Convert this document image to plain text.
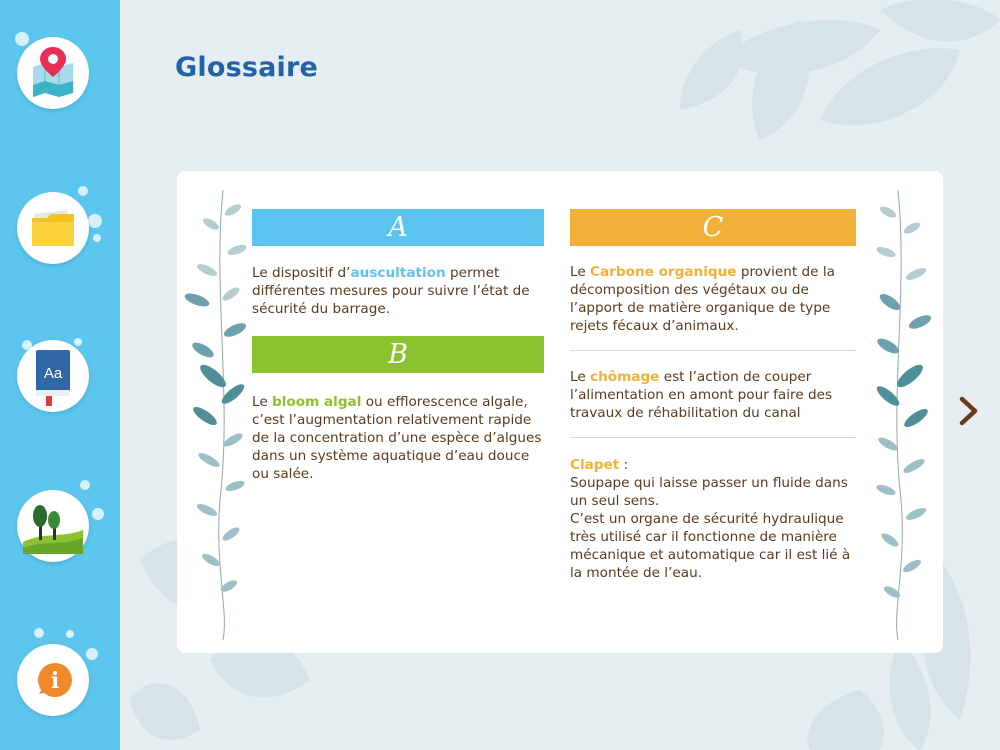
Aa
i
Glossaire
A

Le dispositif d’auscultation permet différentes mesures pour suivre l’état de sécurité du barrage.

B

Le bloom algal ou efflorescence algale, c’est l’augmentation relativement rapide de la concentration d’une espèce d’algues dans un système aquatique d’eau douce ou salée.

C

Le Carbone organique provient de la décomposition des végétaux ou de l’apport de matière organique de type rejets fécaux d’animaux.

Le chômage est l’action de couper l’alimentation en amont pour faire des travaux de réhabilitation du canal

Clapet :
Soupape qui laisse passer un fluide dans un seul sens.
C’est un organe de sécurité hydraulique très utilisé car il fonctionne de manière mécanique et automatique car il est lié à la montée de l’eau.
